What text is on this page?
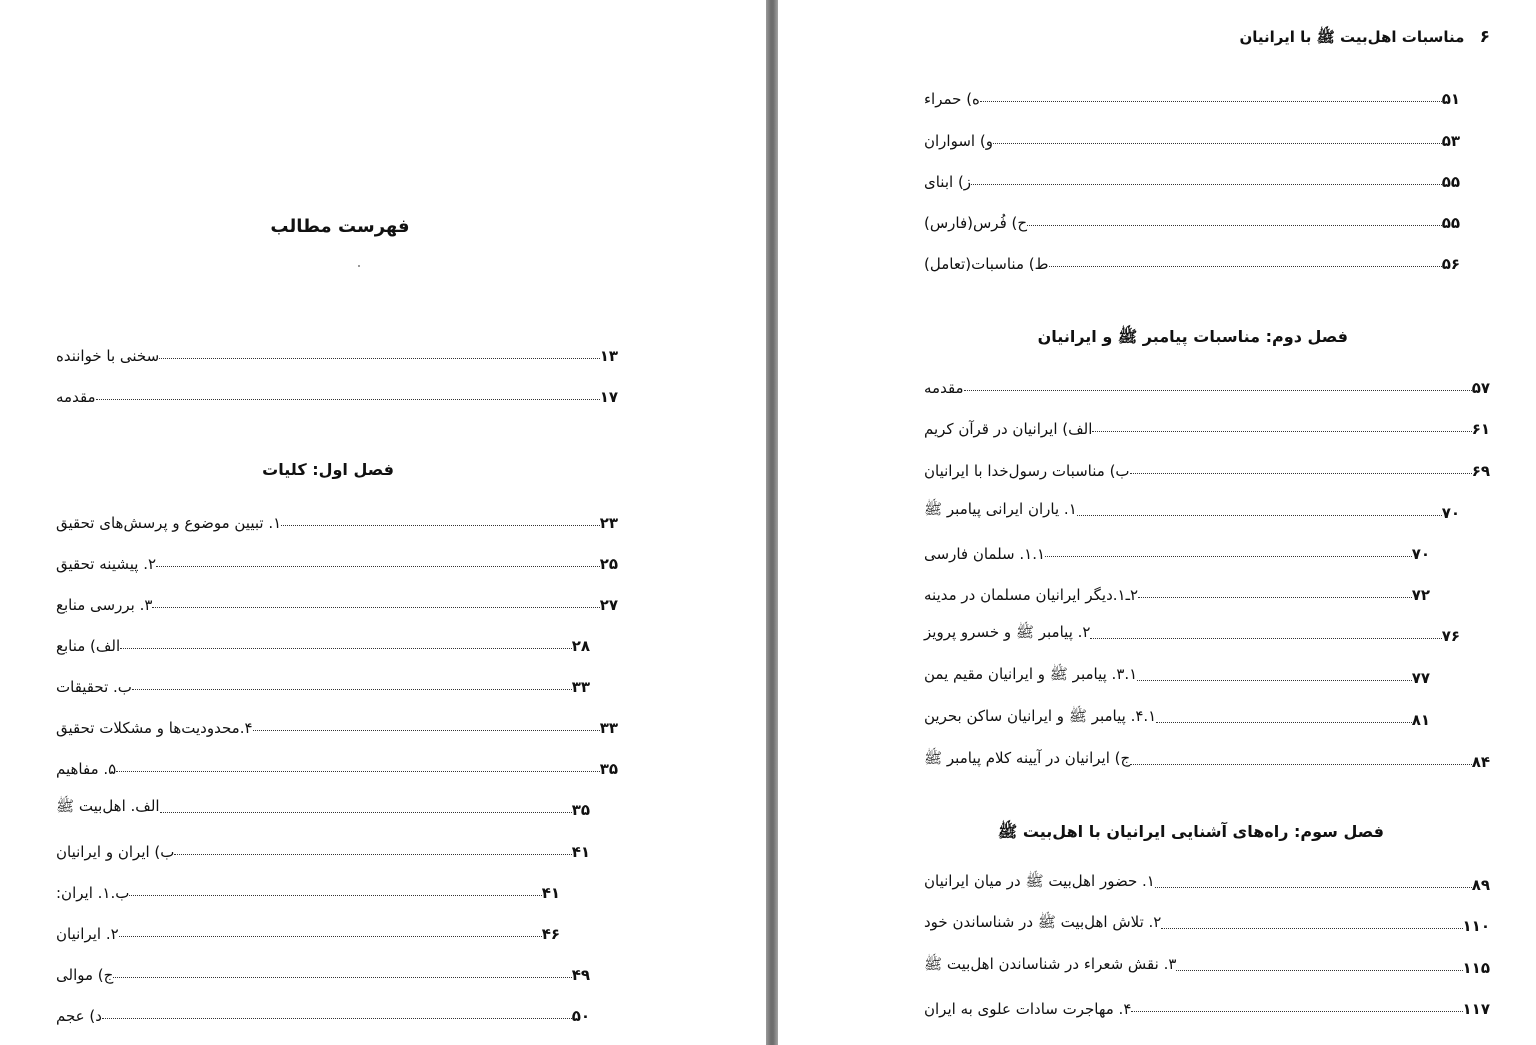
فهرست مطالب
سخنی با خواننده	۱۳
مقدمه	۱۷
فصل اول: کلیات
۱. تبیین موضوع و پرسش‌های تحقیق	۲۳
۲. پیشینه تحقیق	۲۵
۳. بررسی منابع	۲۷
الف) منابع	۲۸
ب. تحقیقات	۳۳
۴.محدودیت‌ها و مشکلات تحقیق	۳۳
۵. مفاهیم	۳۵
الف. اهل‌بیت ﷺ	۳۵
ب) ایران و ایرانیان	۴۱
ب.۱. ایران:	۴۱
۲. ایرانیان	۴۶
ج) موالی	۴۹
د) عجم	۵۰
۶ مناسبات اهل‌بیت ﷺ با ایرانیان
ه) حمراء	۵۱
و) اسواران	۵۳
ز) ابنای	۵۵
ح) فُرس(فارس)	۵۵
ط) مناسبات(تعامل)	۵۶
فصل دوم: مناسبات پیامبر ﷺ و ایرانیان
مقدمه	۵۷
الف) ایرانیان در قرآن کریم	۶۱
ب) مناسبات رسول‌خدا با ایرانیان	۶۹
۱. یاران ایرانی پیامبر ﷺ	۷۰
۱.۱. سلمان فارسی	۷۰
۲ـ۱.دیگر ایرانیان مسلمان در مدینه	۷۲
۲. پیامبر ﷺ و خسرو پرویز	۷۶
۳.۱. پیامبر ﷺ و ایرانیان مقیم یمن	۷۷
۴.۱. پیامبر ﷺ و ایرانیان ساکن بحرین	۸۱
ج) ایرانیان در آیینه کلام پیامبر ﷺ	۸۴
فصل سوم: راه‌های آشنایی ایرانیان با اهل‌بیت ﷺ
۱. حضور اهل‌بیت ﷺ در میان ایرانیان	۸۹
۲. تلاش اهل‌بیت ﷺ در شناساندن خود	۱۱۰
۳. نقش شعراء در شناساندن اهل‌بیت ﷺ	۱۱۵
۴. مهاجرت سادات علوی به ایران	۱۱۷
